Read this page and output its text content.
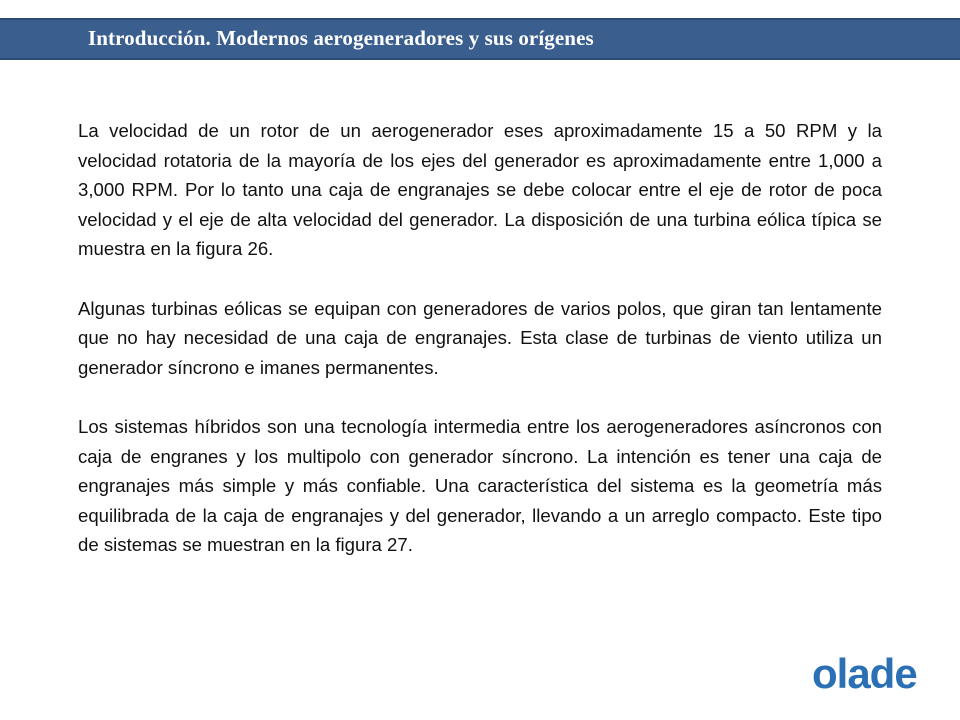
Introducción. Modernos aerogeneradores y sus orígenes

La velocidad de un rotor de un aerogenerador eses aproximadamente 15 a 50 RPM y la velocidad rotatoria de la mayoría de los ejes del generador es aproximadamente entre 1,000 a 3,000 RPM. Por lo tanto una caja de engranajes se debe colocar entre el eje de rotor de poca velocidad y el eje de alta velocidad del generador. La disposición de una turbina eólica típica se muestra en la figura 26.

Algunas turbinas eólicas se equipan con generadores de varios polos, que giran tan lentamente que no hay necesidad de una caja de engranajes. Esta clase de turbinas de viento utiliza un generador síncrono e imanes permanentes.

Los sistemas híbridos son una tecnología intermedia entre los aerogeneradores asíncronos con caja de engranes y los multipolo con generador síncrono. La intención es tener una caja de engranajes más simple y más confiable. Una característica del sistema es la geometría más equilibrada de la caja de engranajes y del generador, llevando a un arreglo compacto. Este tipo de sistemas se muestran en la figura 27.

olade
